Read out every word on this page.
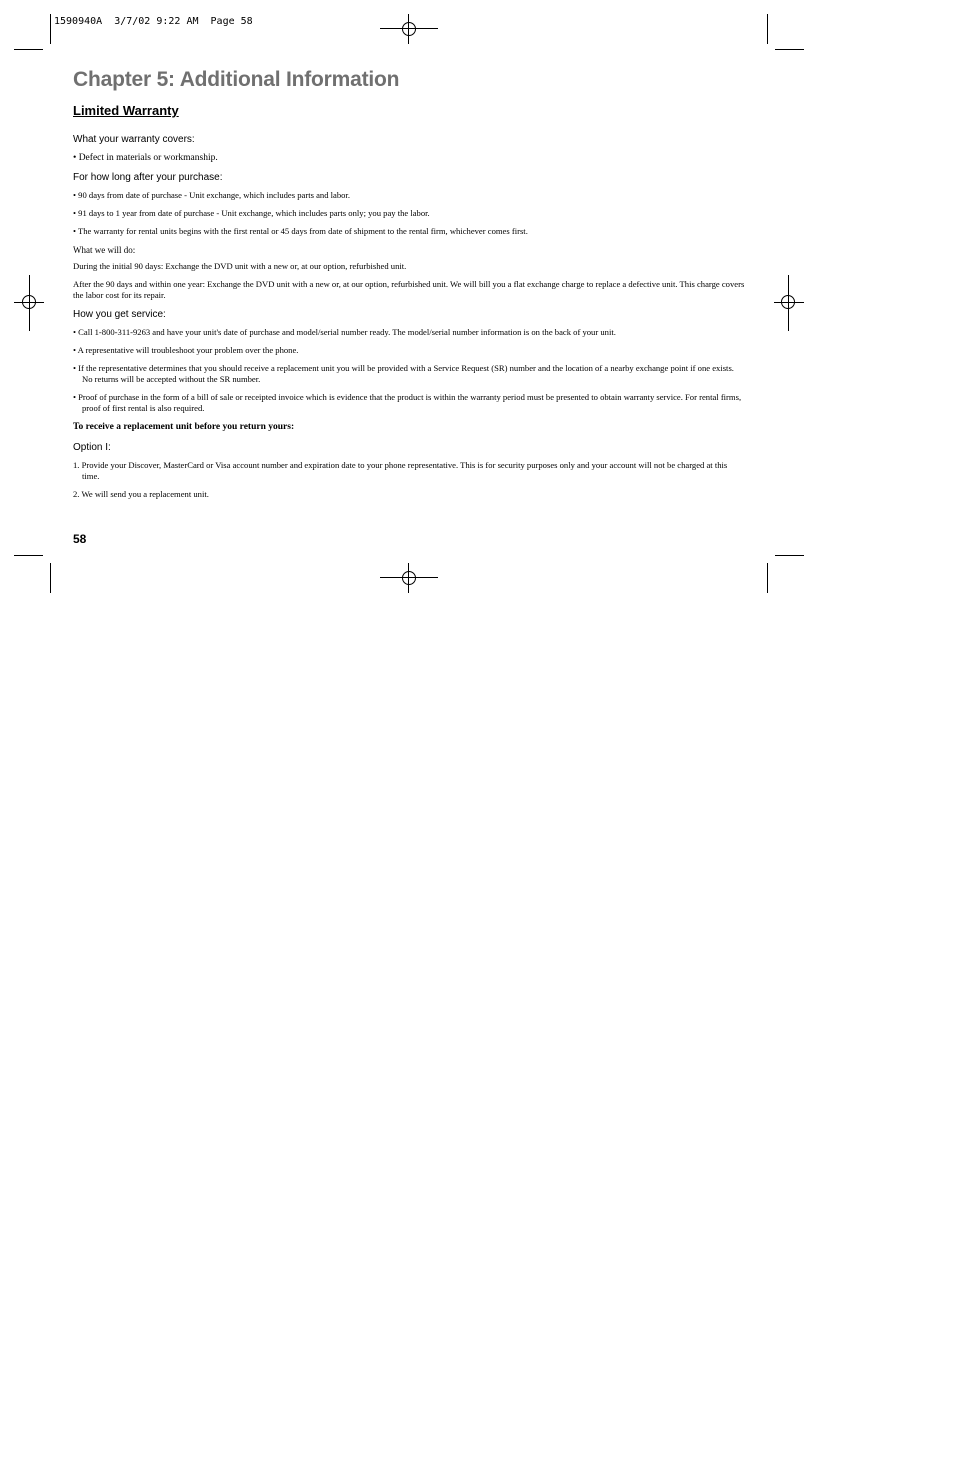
1590940A  3/7/02 9:22 AM  Page 58
Chapter 5: Additional Information
Limited Warranty
What your warranty covers:
• Defect in materials or workmanship.
For how long after your purchase:
• 90 days from date of purchase - Unit exchange, which includes parts and labor.
• 91 days to 1 year from date of purchase - Unit exchange, which includes parts only; you pay the labor.
• The warranty for rental units begins with the first rental or 45 days from date of shipment to the rental firm, whichever comes first.
What we will do:
During the initial 90 days: Exchange the DVD unit with a new or, at our option, refurbished unit.
After the 90 days and within one year: Exchange the DVD unit with a new or, at our option, refurbished unit. We will bill you a flat exchange charge to replace a defective unit. This charge covers the labor cost for its repair.
How you get service:
• Call 1-800-311-9263 and have your unit's date of purchase and model/serial number ready. The model/serial number information is on the back of your unit.
• A representative will troubleshoot your problem over the phone.
• If the representative determines that you should receive a replacement unit you will be provided with a Service Request (SR) number and the location of a nearby exchange point if one exists. No returns will be accepted without the SR number.
• Proof of purchase in the form of a bill of sale or receipted invoice which is evidence that the product is within the warranty period must be presented to obtain warranty service. For rental firms, proof of first rental is also required.
To receive a replacement unit before you return yours:
Option I:
1. Provide your Discover, MasterCard or Visa account number and expiration date to your phone representative. This is for security purposes only and your account will not be charged at this time.
2. We will send you a replacement unit.
58
